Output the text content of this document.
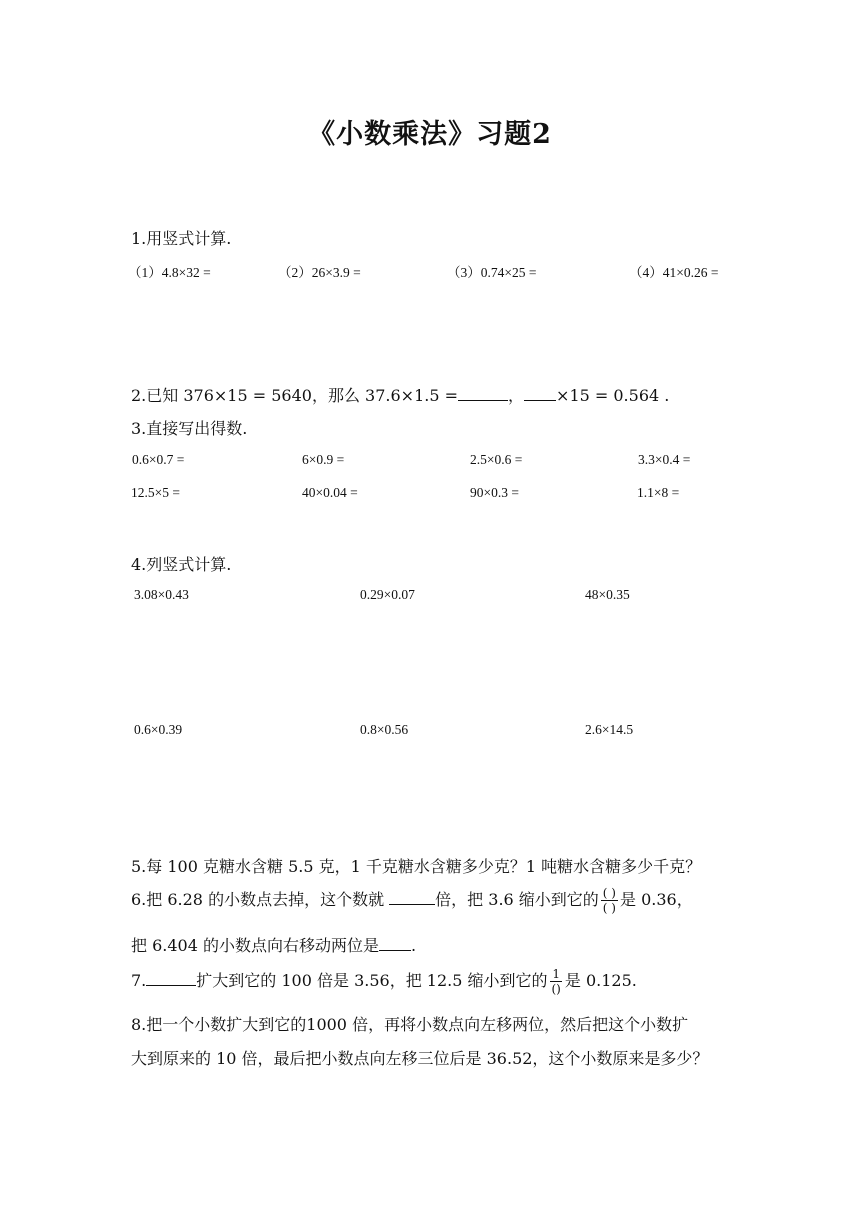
《小数乘法》习题2
1.用竖式计算.
（1）4.8×32 =	（2）26×3.9 =	（3）0.74×25 =	（4）41×0.26 =
2.已知 376×15 = 5640，那么 37.6×1.5 =	， ×15 = 0.564 .
3.直接写出得数.
0.6×0.7 =	6×0.9 =	2.5×0.6 =	3.3×0.4 =
12.5×5 =	40×0.04 =	90×0.3 =	1.1×8 =
4.列竖式计算.
3.08×0.43	0.29×0.07	48×0.35
0.6×0.39	0.8×0.56	2.6×14.5
5.每 100 克糖水含糖 5.5 克，1 千克糖水含糖多少克？1 吨糖水含糖多少千克？
6.把 6.28 的小数点去掉，这个数就	倍，把 3.6 缩小到它的 $\frac{( )}{( )}$ 是 0.36，
把 6.404 的小数点向右移动两位是 .
7.	扩大到它的 100 倍是 3.56，把 12.5 缩小到它的 $\frac{1}{()}$ 是 0.125.
8.把一个小数扩大到它的1000 倍，再将小数点向左移两位，然后把这个小数扩
大到原来的 10 倍，最后把小数点向左移三位后是 36.52，这个小数原来是多少？
